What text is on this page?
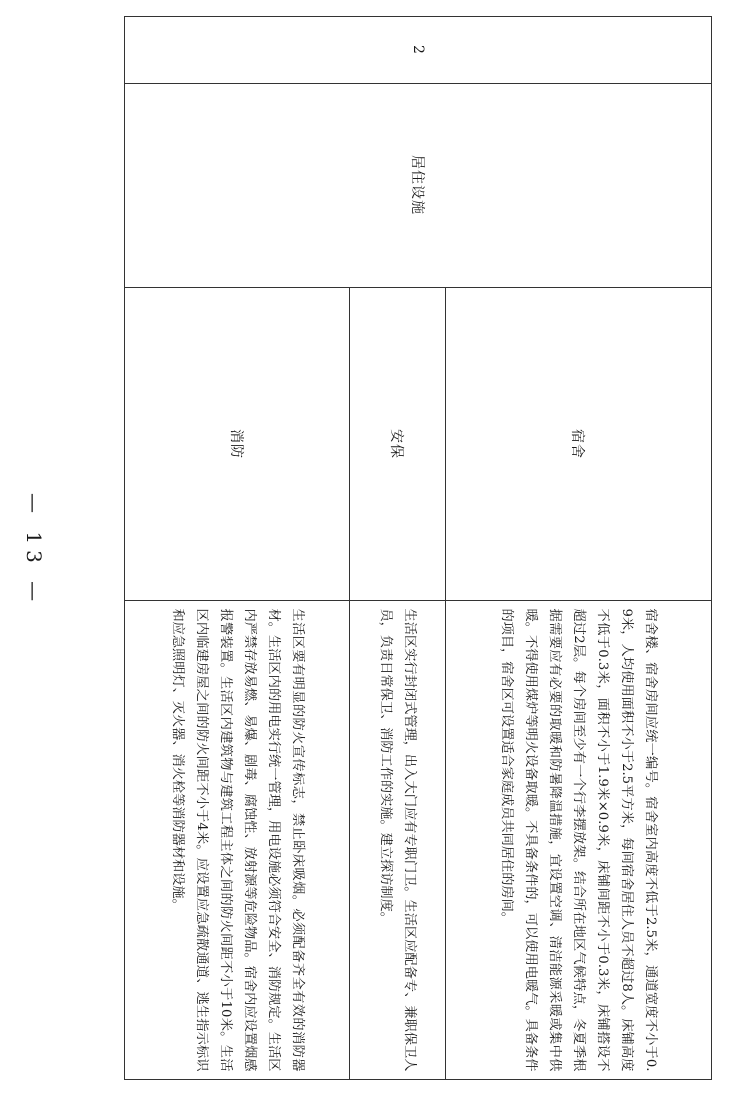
— 13 —
2
居住设施
宿舍
安保
消防
宿舍楼、宿舍房间应统一编号。宿舍室内高度不低于2.5米，通道宽度不小于0.9米，人均使用面积不小于2.5平方米，每间宿舍居住人员不超过8人。床铺高度不低于0.3米，面积不小于1.9米×0.9米，床铺间距不小于0.3米，床铺搭设不超过2层。每个房间至少有一个行李摆放架。结合所在地区气候特点，冬夏季根据需要应有必要的取暖和防暑降温措施，宜设置空调、清洁能源采暖或集中供暖。不得使用煤炉等明火设备取暖。不具备条件的，可以使用电暖气。具备条件的项目，宿舍区可设置适合家庭成员共同居住的房间。
生活区实行封闭式管理，出入大门应有专职门卫。生活区应配备专、兼职保卫人员，负责日常保卫、消防工作的实施。建立探访制度。
生活区要有明显的防火宣传标志，禁止卧床吸烟。必须配备齐全有效的消防器材。生活区内的用电实行统一管理，用电设施必须符合安全、消防规定。生活区内严禁存放易燃、易爆、剧毒、腐蚀性、放射源等危险物品。宿舍内应设置烟感报警装置。生活区内建筑物与建筑工程主体之间的防火间距不小于10米。生活区内临建房屋之间的防火间距不小于4米。应设置应急疏散通道、逃生指示标识和应急照明灯、灭火器、消火栓等消防器材和设施。
